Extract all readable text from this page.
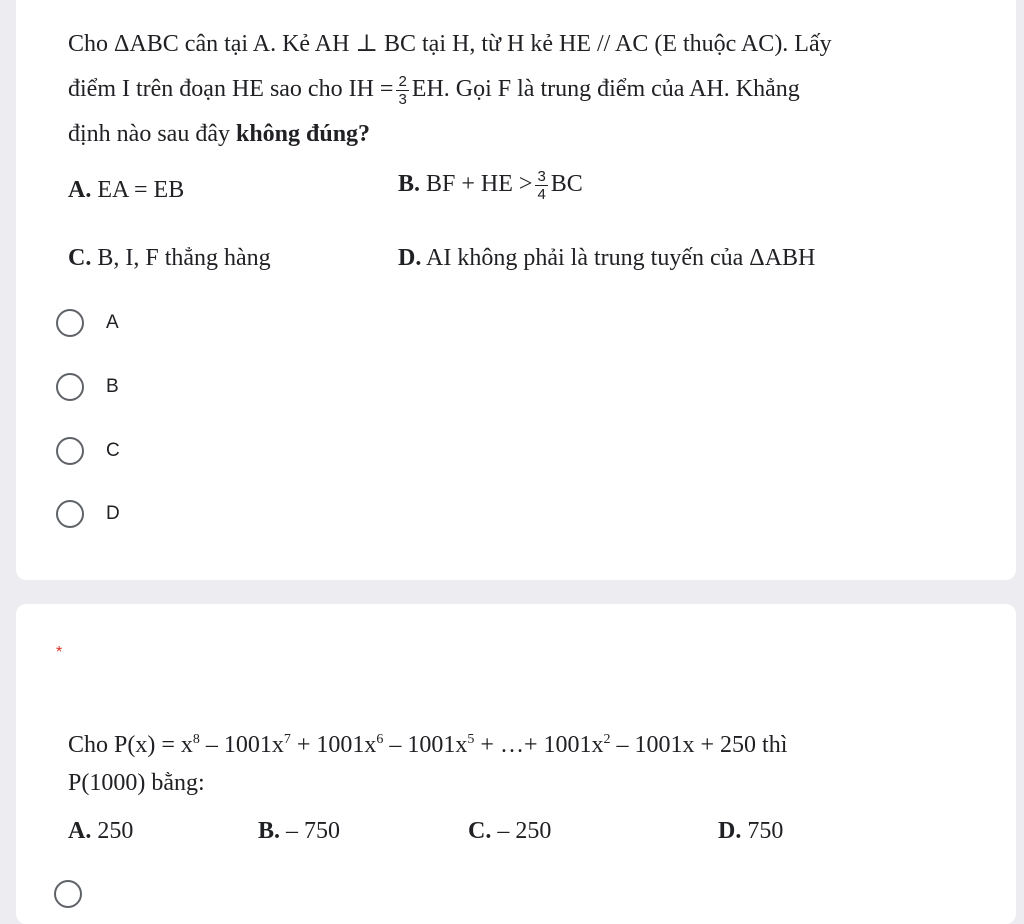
Cho ΔABC cân tại A. Kẻ AH ⊥ BC tại H, từ H kẻ HE // AC (E thuộc AC). Lấy
điểm I trên đoạn HE sao cho IH = $\frac{2}{3}$ EH. Gọi F là trung điểm của AH. Khẳng
định nào sau đây không đúng?
A. EA = EB	B. BF + HE > $\frac{3}{4}$ BC
C. B, I, F thẳng hàng	D. AI không phải là trung tuyến của ΔABH
A
B
C
D
*
Cho $P(x) = x^8 - 1001x^7 + 1001x^6 - 1001x^5$ + …+ $1001x^2 - 1001x + 250$ thì
P(1000) bằng:
A. 250	B. – 750	C. – 250	D. 750
